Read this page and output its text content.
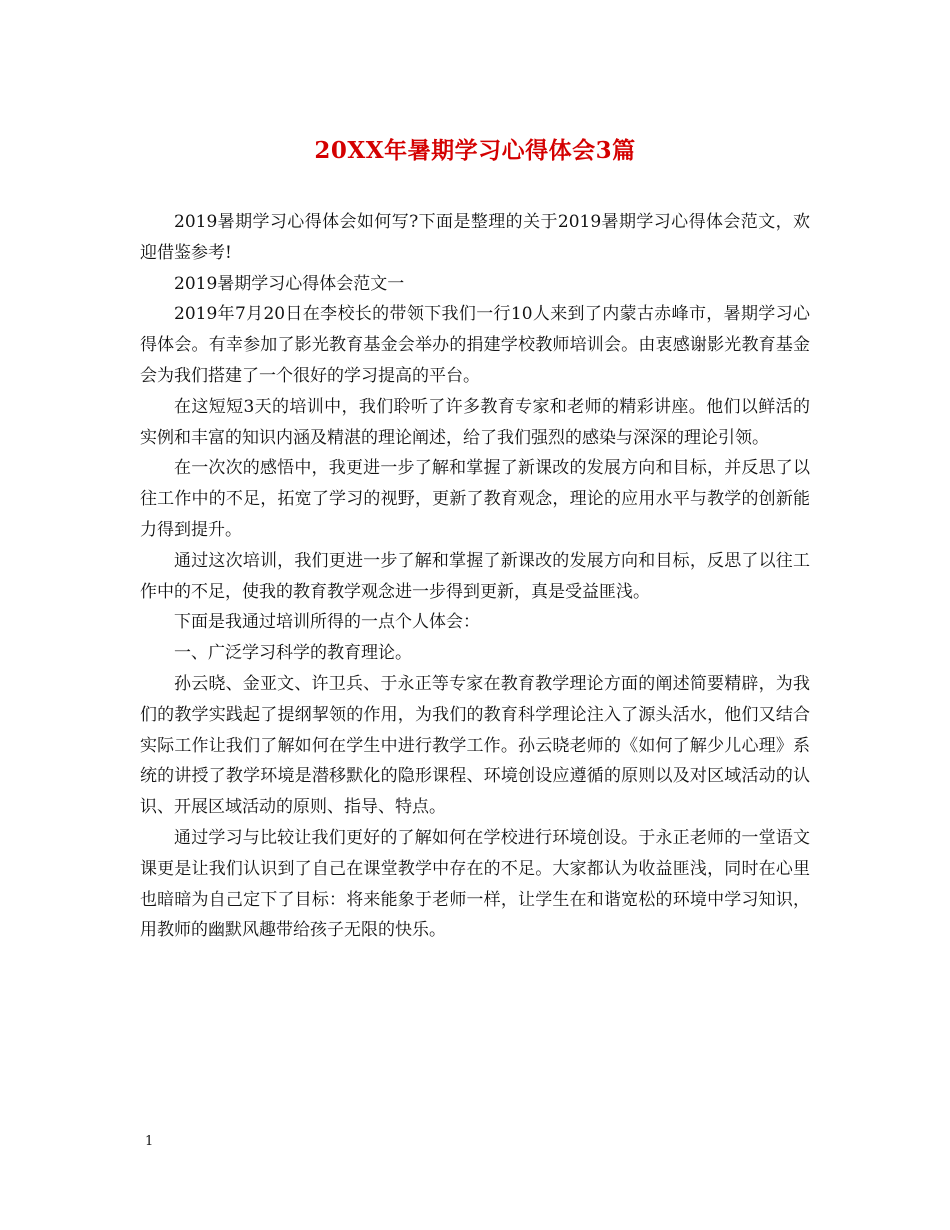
20XX年暑期学习心得体会3篇

2019暑期学习心得体会如何写?下面是整理的关于2019暑期学习心得体会范文，欢迎借鉴参考!

2019暑期学习心得体会范文一

2019年7月20日在李校长的带领下我们一行10人来到了内蒙古赤峰市，暑期学习心得体会。有幸参加了影光教育基金会举办的捐建学校教师培训会。由衷感谢影光教育基金会为我们搭建了一个很好的学习提高的平台。

在这短短3天的培训中，我们聆听了许多教育专家和老师的精彩讲座。他们以鲜活的实例和丰富的知识内涵及精湛的理论阐述，给了我们强烈的感染与深深的理论引领。

在一次次的感悟中，我更进一步了解和掌握了新课改的发展方向和目标，并反思了以往工作中的不足，拓宽了学习的视野，更新了教育观念，理论的应用水平与教学的创新能力得到提升。

通过这次培训，我们更进一步了解和掌握了新课改的发展方向和目标，反思了以往工作中的不足，使我的教育教学观念进一步得到更新，真是受益匪浅。

下面是我通过培训所得的一点个人体会：

一、广泛学习科学的教育理论。

孙云晓、金亚文、许卫兵、于永正等专家在教育教学理论方面的阐述简要精辟，为我们的教学实践起了提纲挈领的作用，为我们的教育科学理论注入了源头活水，他们又结合实际工作让我们了解如何在学生中进行教学工作。孙云晓老师的《如何了解少儿心理》系统的讲授了教学环境是潜移默化的隐形课程、环境创设应遵循的原则以及对区域活动的认识、开展区域活动的原则、指导、特点。

通过学习与比较让我们更好的了解如何在学校进行环境创设。于永正老师的一堂语文课更是让我们认识到了自己在课堂教学中存在的不足。大家都认为收益匪浅，同时在心里也暗暗为自己定下了目标：将来能象于老师一样，让学生在和谐宽松的环境中学习知识，用教师的幽默风趣带给孩子无限的快乐。

1
